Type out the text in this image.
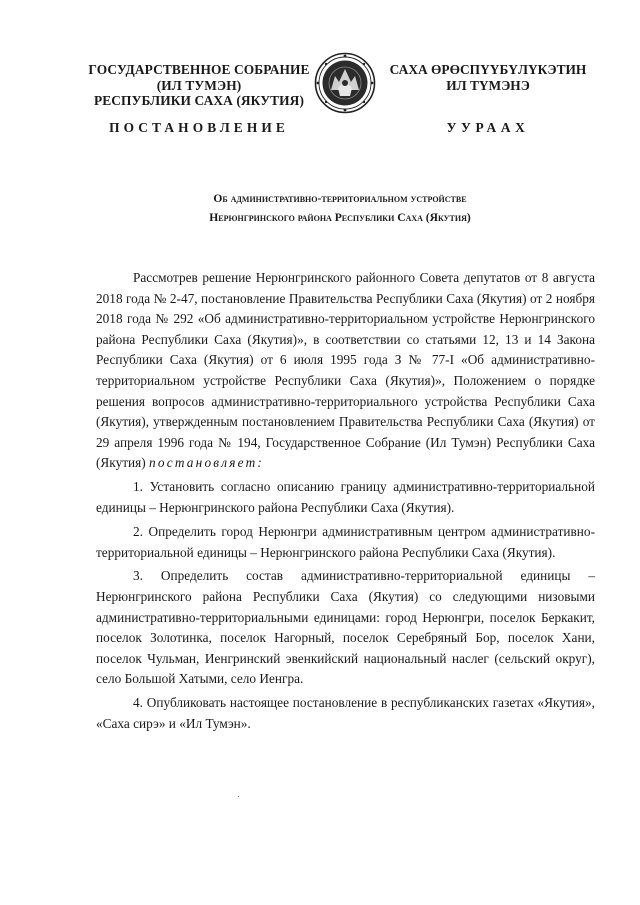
ГОСУДАРСТВЕННОЕ СОБРАНИЕ
(ИЛ ТУМЭН)
РЕСПУБЛИКИ САХА (ЯКУТИЯ)
САХА ӨРӨСПҮҮБҮЛҮКЭТИН
ИЛ ТҮМЭНЭ
ПОСТАНОВЛЕНИЕ	УУРААХ
Об административно-территориальном устройстве
Нерюнгринского района Республики Саха (Якутия)

Рассмотрев решение Нерюнгринского районного Совета депутатов от 8 августа 2018 года № 2-47, постановление Правительства Республики Саха (Якутия) от 2 ноября 2018 года № 292 «Об административно-территориальном устройстве Нерюнгринского района Республики Саха (Якутия)», в соответствии со статьями 12, 13 и 14 Закона Республики Саха (Якутия) от 6 июля 1995 года З № 77-I «Об административно-территориальном устройстве Республики Саха (Якутия)», Положением о порядке решения вопросов административно-территориального устройства Республики Саха (Якутия), утвержденным постановлением Правительства Республики Саха (Якутия) от 29 апреля 1996 года № 194, Государственное Собрание (Ил Тумэн) Республики Саха (Якутия) постановляет:

1. Установить согласно описанию границу административно-территориальной единицы – Нерюнгринского района Республики Саха (Якутия).

2. Определить город Нерюнгри административным центром административно-территориальной единицы – Нерюнгринского района Республики Саха (Якутия).

3. Определить состав административно-территориальной единицы – Нерюнгринского района Республики Саха (Якутия) со следующими низовыми административно-территориальными единицами: город Нерюнгри, поселок Беркакит, поселок Золотинка, поселок Нагорный, поселок Серебряный Бор, поселок Хани, поселок Чульман, Иенгринский эвенкийский национальный наслег (сельский округ), село Большой Хатыми, село Иенгра.

4. Опубликовать настоящее постановление в республиканских газетах «Якутия», «Саха сирэ» и «Ил Тумэн».
